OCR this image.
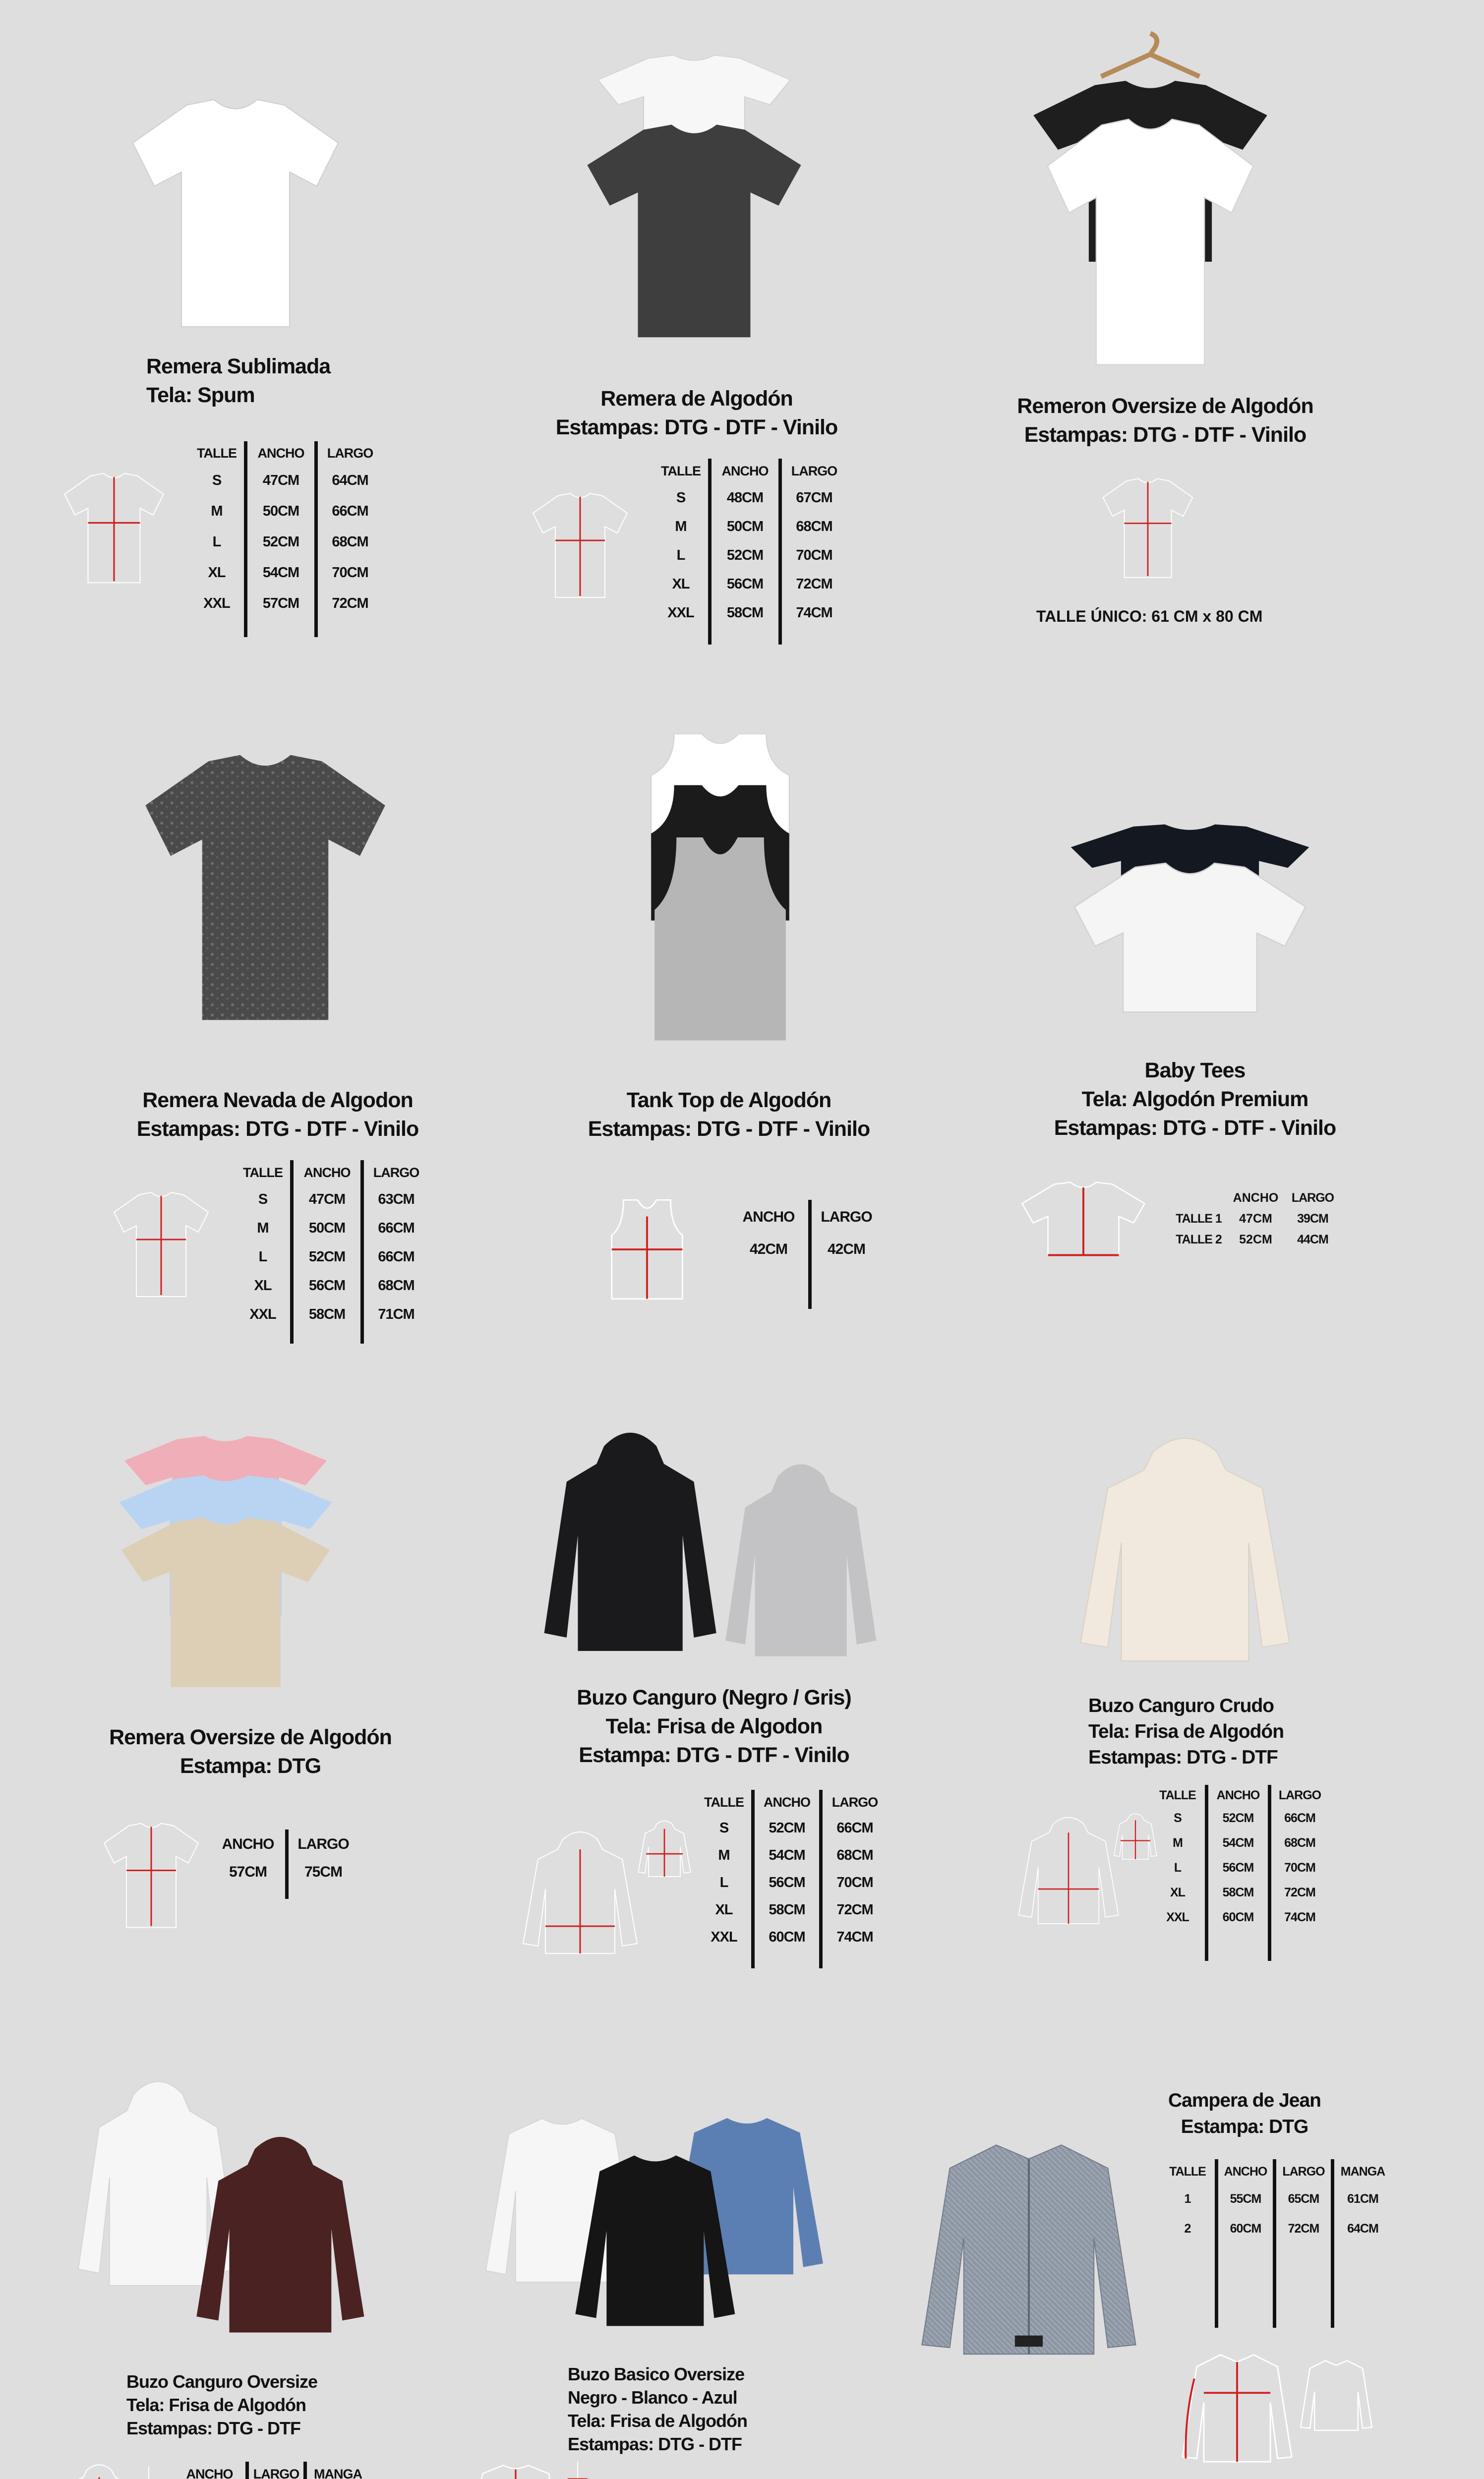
Remera Sublimada
Tela: Spum
TALLE
S
M
L
XL
XXL
ANCHO
47CM
50CM
52CM
54CM
57CM
LARGO
64CM
66CM
68CM
70CM
72CM
Remera de Algodón
Estampas: DTG - DTF - Vinilo
TALLE
S
M
L
XL
XXL
ANCHO
48CM
50CM
52CM
56CM
58CM
LARGO
67CM
68CM
70CM
72CM
74CM
Remeron Oversize de Algodón
Estampas: DTG - DTF - Vinilo
TALLE ÚNICO: 61 CM x 80 CM
Remera Nevada de Algodon
Estampas: DTG - DTF - Vinilo
TALLE
S
M
L
XL
XXL
ANCHO
47CM
50CM
52CM
56CM
58CM
LARGO
63CM
66CM
66CM
68CM
71CM
Tank Top de Algodón
Estampas: DTG - DTF - Vinilo
ANCHO
42CM
LARGO
42CM
Baby Tees
Tela: Algodón Premium
Estampas: DTG - DTF - Vinilo
TALLE 1
TALLE 2
ANCHO
47CM
52CM
LARGO
39CM
44CM
Remera Oversize de Algodón
Estampa: DTG
ANCHO
57CM
LARGO
75CM
Buzo Canguro (Negro / Gris)
Tela: Frisa de Algodon
Estampa: DTG - DTF - Vinilo
TALLE
S
M
L
XL
XXL
ANCHO
52CM
54CM
56CM
58CM
60CM
LARGO
66CM
68CM
70CM
72CM
74CM
Buzo Canguro Crudo
Tela: Frisa de Algodón
Estampas: DTG - DTF
TALLE
S
M
L
XL
XXL
ANCHO
52CM
54CM
56CM
58CM
60CM
LARGO
66CM
68CM
70CM
72CM
74CM
Buzo Canguro Oversize
Tela: Frisa de Algodón
Estampas: DTG - DTF
ANCHO LARGO MANGA
Buzo Basico Oversize
Negro - Blanco - Azul
Tela: Frisa de Algodón
Estampas: DTG - DTF
Campera de Jean
Estampa: DTG
TALLE
1
2
ANCHO
55CM
60CM
LARGO
65CM
72CM
MANGA
61CM
64CM
